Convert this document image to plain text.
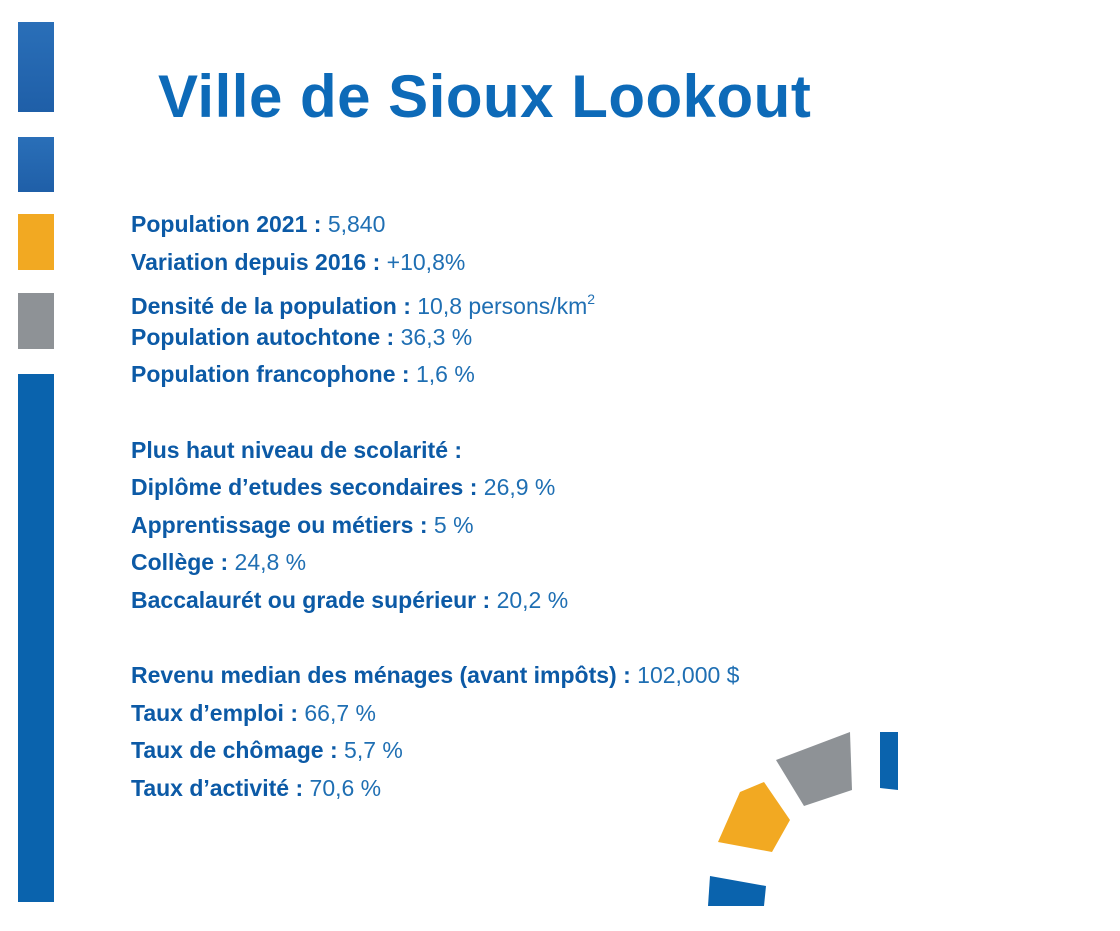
Ville de Sioux Lookout
Population 2021 : 5,840
Variation depuis 2016 : +10,8%
Densité de la population : 10,8 persons/$km^2$
Population autochtone : 36,3 %
Population francophone : 1,6 %
Plus haut niveau de scolarité :
Diplôme d’etudes secondaires : 26,9 %
Apprentissage ou métiers : 5 %
Collège : 24,8 %
Baccalaurét ou grade supérieur : 20,2 %
Revenu median des ménages (avant impôts) : 102,000 $
Taux d’emploi : 66,7 %
Taux de chômage : 5,7 %
Taux d’activité : 70,6 %
